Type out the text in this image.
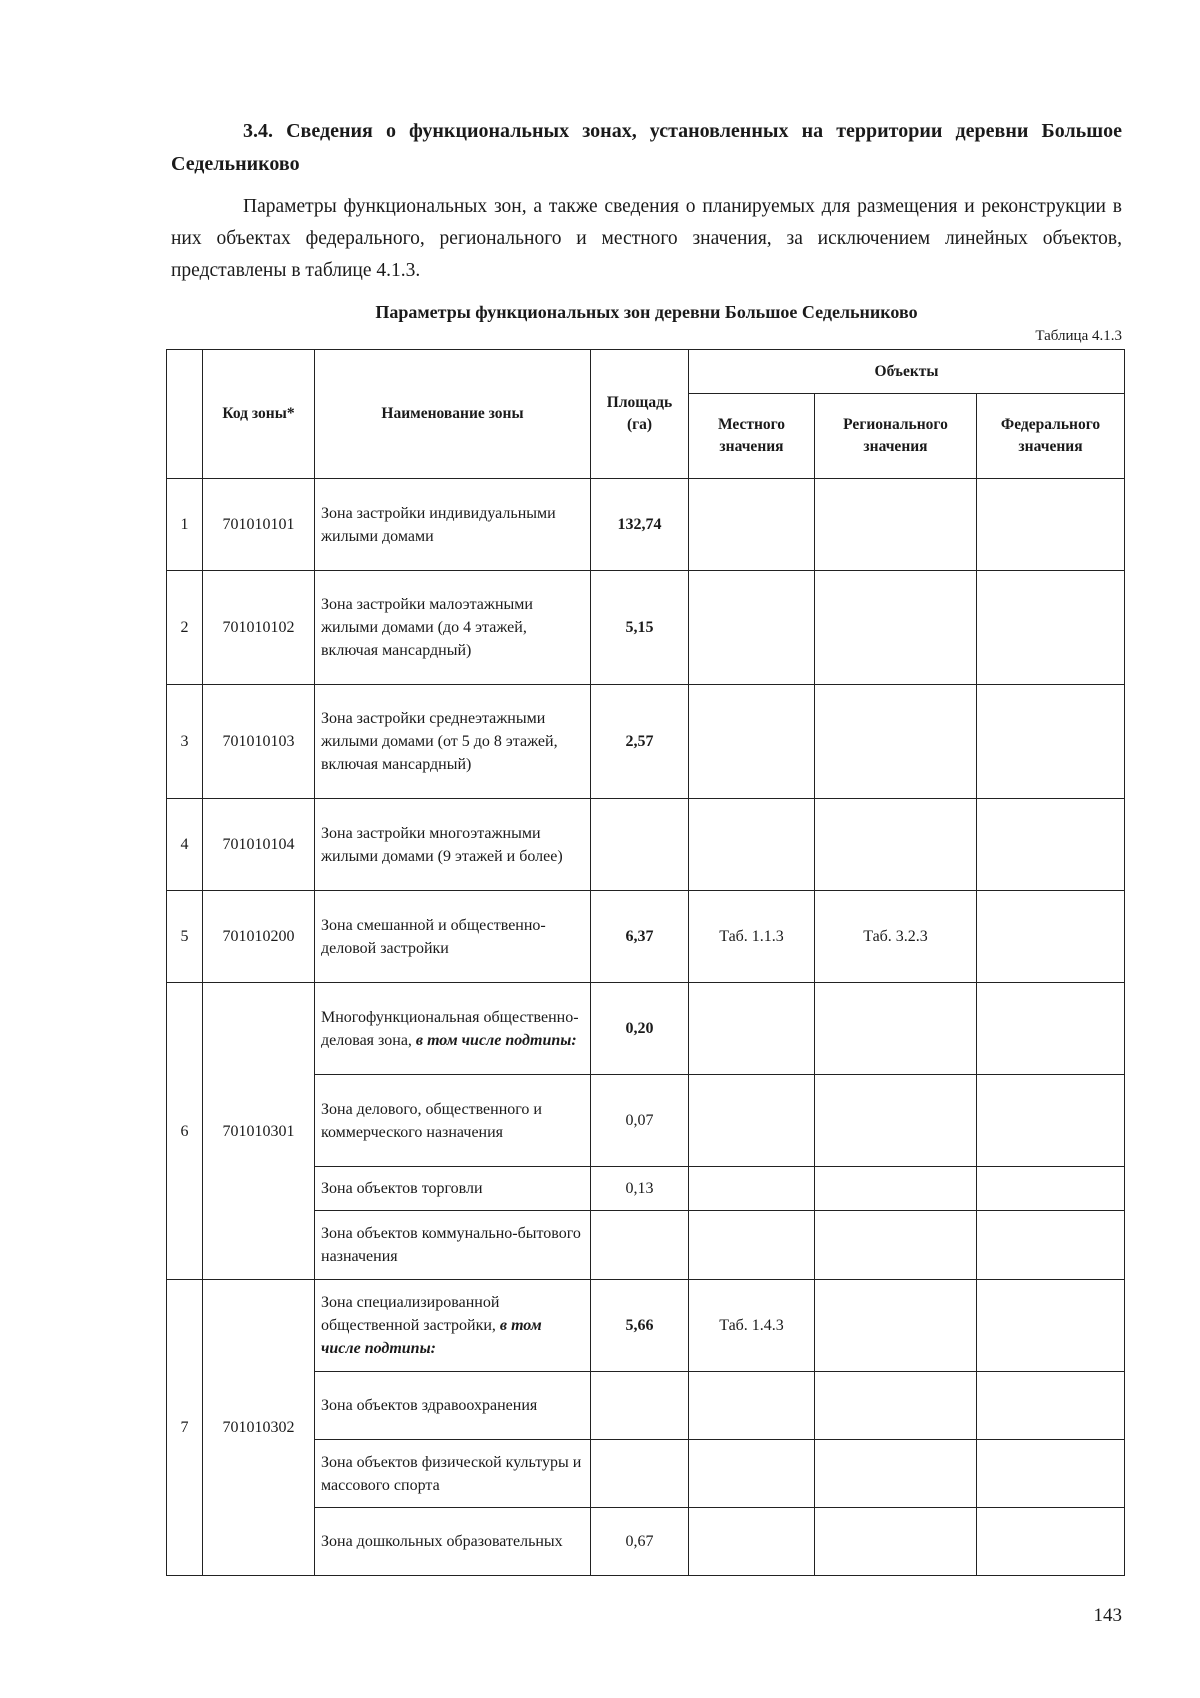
3.4. Сведения о функциональных зонах, установленных на территории деревни Большое Седельниково
Параметры функциональных зон, а также сведения о планируемых для размещения и реконструкции в них объектах федерального, регионального и местного значения, за исключением линейных объектов, представлены в таблице 4.1.3.
Параметры функциональных зон деревни Большое Седельниково
Таблица 4.1.3
	Код зоны*	Наименование зоны	Площадь (га)	Объекты		
				Местного значения	Регионального значения	Федерального значения
1	701010101	Зона застройки индивидуальными жилыми домами	132,74			
2	701010102	Зона застройки малоэтажными жилыми домами (до 4 этажей, включая мансардный)	5,15			
3	701010103	Зона застройки среднеэтажными жилыми домами (от 5 до 8 этажей, включая мансардный)	2,57			
4	701010104	Зона застройки многоэтажными жилыми домами (9 этажей и более)				
5	701010200	Зона смешанной и общественно-деловой застройки	6,37	Таб. 1.1.3	Таб. 3.2.3	
6	701010301	Многофункциональная общественно-деловая зона, в том числе подтипы:	0,20			
		Зона делового, общественного и коммерческого назначения	0,07			
		Зона объектов торговли	0,13			
		Зона объектов коммунально-бытового назначения				
7	701010302	Зона специализированной общественной застройки, в том числе подтипы:	5,66	Таб. 1.4.3		
		Зона объектов здравоохранения				
		Зона объектов физической культуры и массового спорта				
		Зона дошкольных образовательных	0,67			
143
